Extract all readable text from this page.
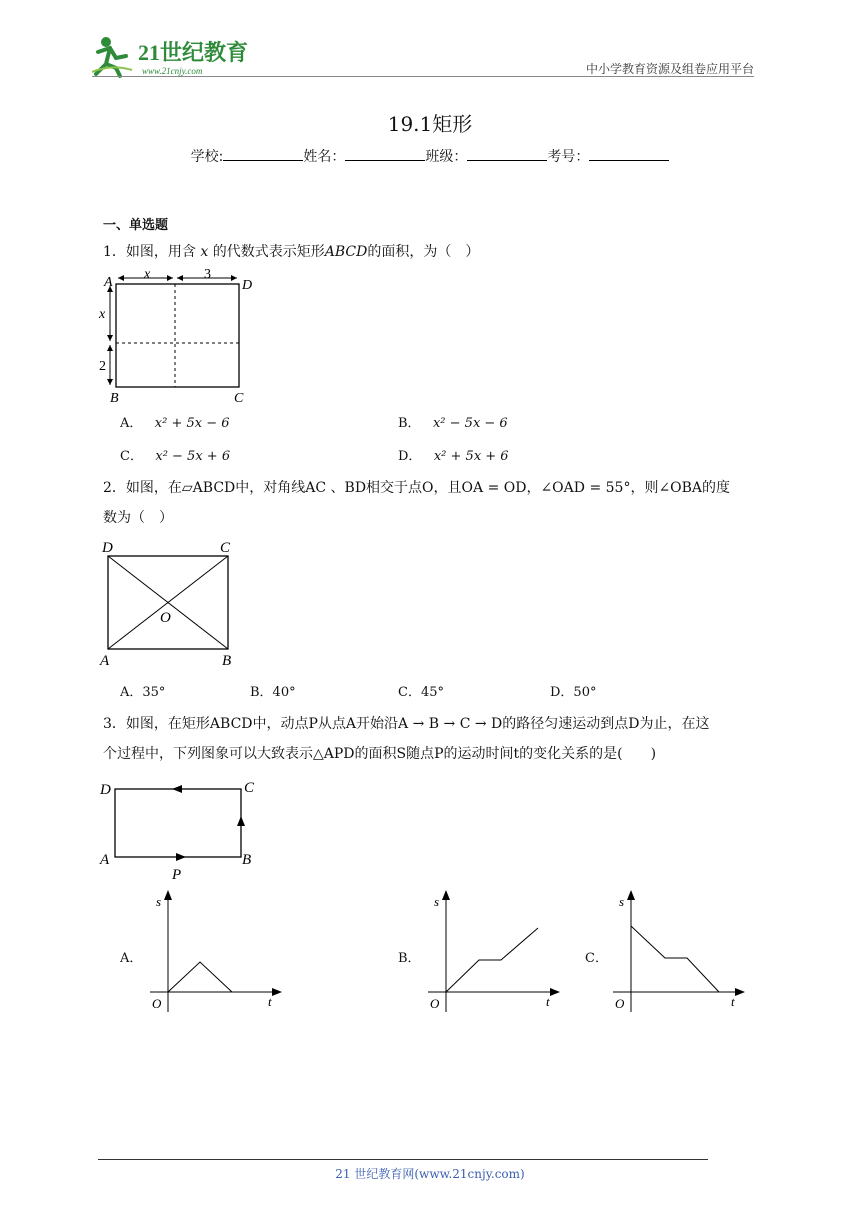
21世纪教育
www.21cnjy.com	中小学教育资源及组卷应用平台
19.1矩形
学校:	姓名：	班级：	考号：
一、单选题
1．如图，用含 x 的代数式表示矩形ABCD的面积，为（　）
x	3
x
2
A	D
B	C
A． x² + 5x − 6	B． x² − 5x − 6
C． x² − 5x + 6	D． x² + 5x + 6
2．如图，在▱ABCD中，对角线AC 、BD相交于点O，且OA = OD，∠OAD = 55°，则∠OBA的度
数为（　）
D	C
O
A	B
A．35°	B．40°	C．45°	D．50°
3．如图，在矩形ABCD中，动点P从点A开始沿A → B → C → D的路径匀速运动到点D为止，在这
个过程中，下列图象可以大致表示△APD的面积S随点P的运动时间t的变化关系的是(　　)
D	C
A	B
P
A．
s
t
O
B．
s
t
O
C．
s
t
O
21 世纪教育网(www.21cnjy.com)
